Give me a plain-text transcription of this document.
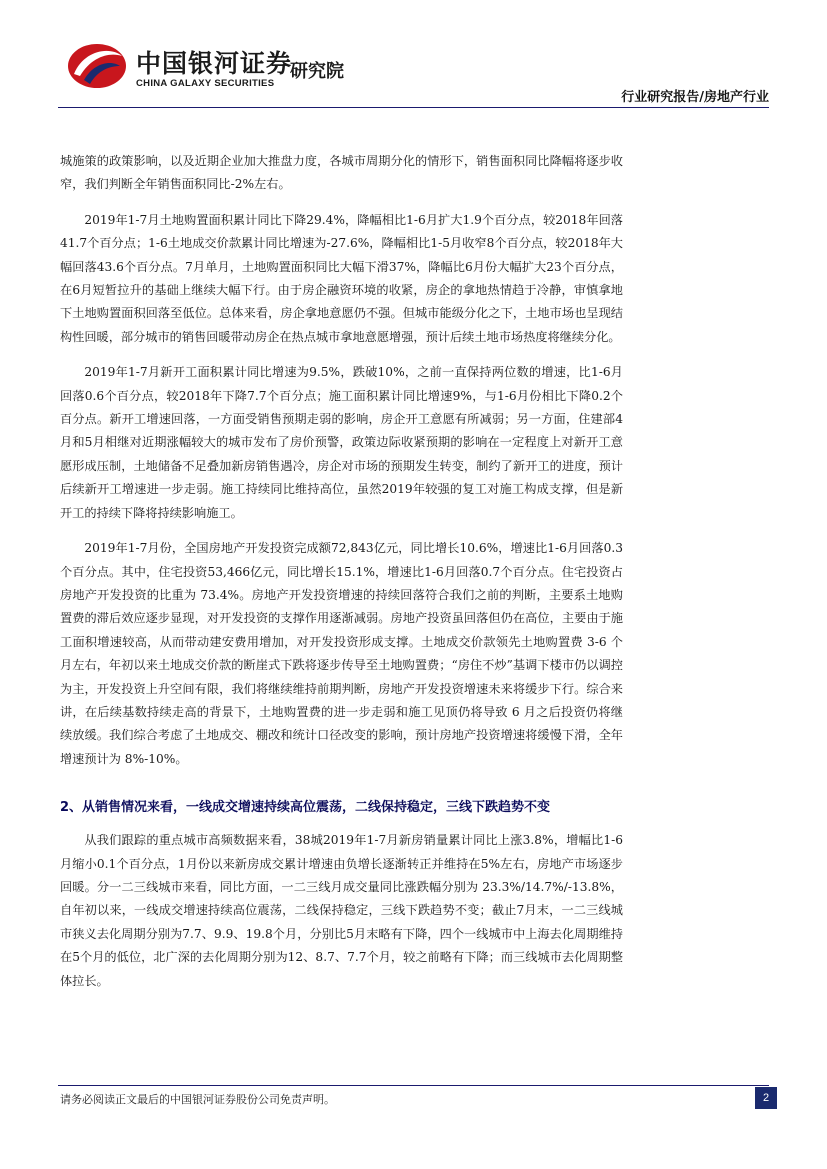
中国银河证券
CHINA GALAXY SECURITIES
研究院
行业研究报告/房地产行业

城施策的政策影响，以及近期企业加大推盘力度，各城市周期分化的情形下，销售面积同比降幅将逐步收窄，我们判断全年销售面积同比-2%左右。

2019年1-7月土地购置面积累计同比下降29.4%，降幅相比1-6月扩大1.9个百分点，较2018年回落41.7个百分点；1-6土地成交价款累计同比增速为-27.6%，降幅相比1-5月收窄8个百分点，较2018年大幅回落43.6个百分点。7月单月，土地购置面积同比大幅下滑37%，降幅比6月份大幅扩大23个百分点，在6月短暂拉升的基础上继续大幅下行。由于房企融资环境的收紧，房企的拿地热情趋于冷静，审慎拿地下土地购置面积回落至低位。总体来看，房企拿地意愿仍不强。但城市能级分化之下，土地市场也呈现结构性回暖，部分城市的销售回暖带动房企在热点城市拿地意愿增强，预计后续土地市场热度将继续分化。

2019年1-7月新开工面积累计同比增速为9.5%，跌破10%，之前一直保持两位数的增速，比1-6月回落0.6个百分点，较2018年下降7.7个百分点；施工面积累计同比增速9%，与1-6月份相比下降0.2个百分点。新开工增速回落，一方面受销售预期走弱的影响，房企开工意愿有所减弱；另一方面，住建部4月和5月相继对近期涨幅较大的城市发布了房价预警，政策边际收紧预期的影响在一定程度上对新开工意愿形成压制，土地储备不足叠加新房销售遇冷，房企对市场的预期发生转变，制约了新开工的进度，预计后续新开工增速进一步走弱。施工持续同比维持高位，虽然2019年较强的复工对施工构成支撑，但是新开工的持续下降将持续影响施工。

2019年1-7月份，全国房地产开发投资完成额72,843亿元，同比增长10.6%，增速比1-6月回落0.3个百分点。其中，住宅投资53,466亿元，同比增长15.1%，增速比1-6月回落0.7个百分点。住宅投资占房地产开发投资的比重为 73.4%。房地产开发投资增速的持续回落符合我们之前的判断，主要系土地购置费的滞后效应逐步显现，对开发投资的支撑作用逐渐减弱。房地产投资虽回落但仍在高位，主要由于施工面积增速较高，从而带动建安费用增加，对开发投资形成支撑。土地成交价款领先土地购置费 3-6 个月左右，年初以来土地成交价款的断崖式下跌将逐步传导至土地购置费；“房住不炒”基调下楼市仍以调控为主，开发投资上升空间有限，我们将继续维持前期判断，房地产开发投资增速未来将缓步下行。综合来讲，在后续基数持续走高的背景下，土地购置费的进一步走弱和施工见顶仍将导致 6 月之后投资仍将继续放缓。我们综合考虑了土地成交、棚改和统计口径改变的影响，预计房地产投资增速将缓慢下滑，全年增速预计为 8%-10%。

2、从销售情况来看，一线成交增速持续高位震荡，二线保持稳定，三线下跌趋势不变

从我们跟踪的重点城市高频数据来看，38城2019年1-7月新房销量累计同比上涨3.8%，增幅比1-6月缩小0.1个百分点，1月份以来新房成交累计增速由负增长逐渐转正并维持在5%左右，房地产市场逐步回暖。分一二三线城市来看，同比方面，一二三线月成交量同比涨跌幅分别为 23.3%/14.7%/-13.8%，自年初以来，一线成交增速持续高位震荡，二线保持稳定，三线下跌趋势不变；截止7月末，一二三线城市狭义去化周期分别为7.7、9.9、19.8个月，分别比5月末略有下降，四个一线城市中上海去化周期维持在5个月的低位，北广深的去化周期分别为12、8.7、7.7个月，较之前略有下降；而三线城市去化周期整体拉长。

请务必阅读正文最后的中国银河证券股份公司免责声明。	2
